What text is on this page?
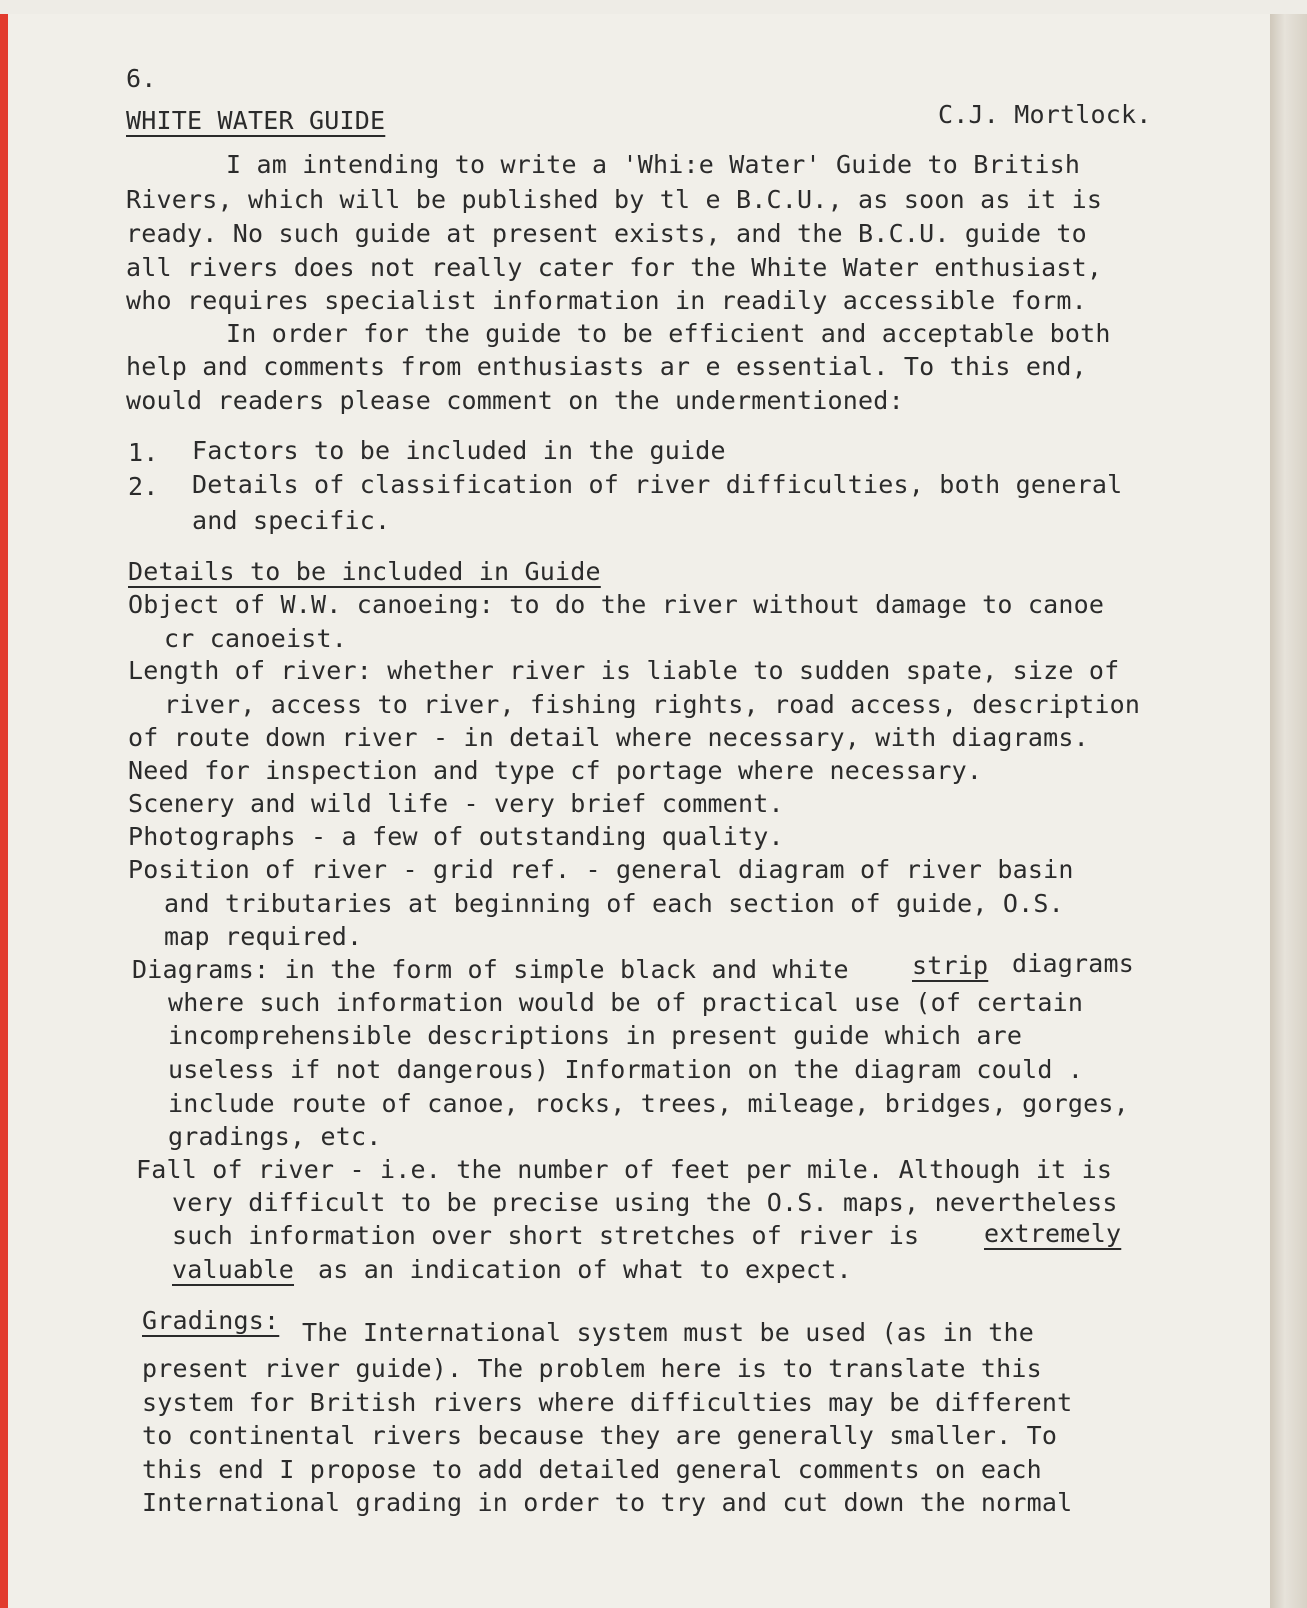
6.
WHITE WATER GUIDE	C.J. Mortlock.
I am intending to write a 'Whi:e Water' Guide to British
Rivers, which will be published by tl e B.C.U., as soon as it is
ready. No such guide at present exists, and the B.C.U. guide to
all rivers does not really cater for the White Water enthusiast,
who requires specialist information in readily accessible form.
In order for the guide to be efficient and acceptable both
help and comments from enthusiasts ar e essential. To this end,
would readers please comment on the undermentioned:
1. Factors to be included in the guide
2. Details of classification of river difficulties, both general
and specific.
Details to be included in Guide
Object of W.W. canoeing: to do the river without damage to canoe
cr canoeist.
Length of river: whether river is liable to sudden spate, size of
river, access to river, fishing rights, road access, description
of route down river - in detail where necessary, with diagrams.
Need for inspection and type cf portage where necessary.
Scenery and wild life - very brief comment.
Photographs - a few of outstanding quality.
Position of river - grid ref. - general diagram of river basin
and tributaries at beginning of each section of guide, O.S.
map required.
Diagrams: in the form of simple black and white	strip diagrams
where such information would be of practical use (of certain
incomprehensible descriptions in present guide which are
useless if not dangerous) Information on the diagram could .
include route of canoe, rocks, trees, mileage, bridges, gorges,
gradings, etc.
Fall of river - i.e. the number of feet per mile. Although it is
very difficult to be precise using the O.S. maps, nevertheless
such information over short stretches of river is	extremely
valuable as an indication of what to expect.
Gradings: The International system must be used (as in the
present river guide). The problem here is to translate this
system for British rivers where difficulties may be different
to continental rivers because they are generally smaller. To
this end I propose to add detailed general comments on each
International grading in order to try and cut down the normal
